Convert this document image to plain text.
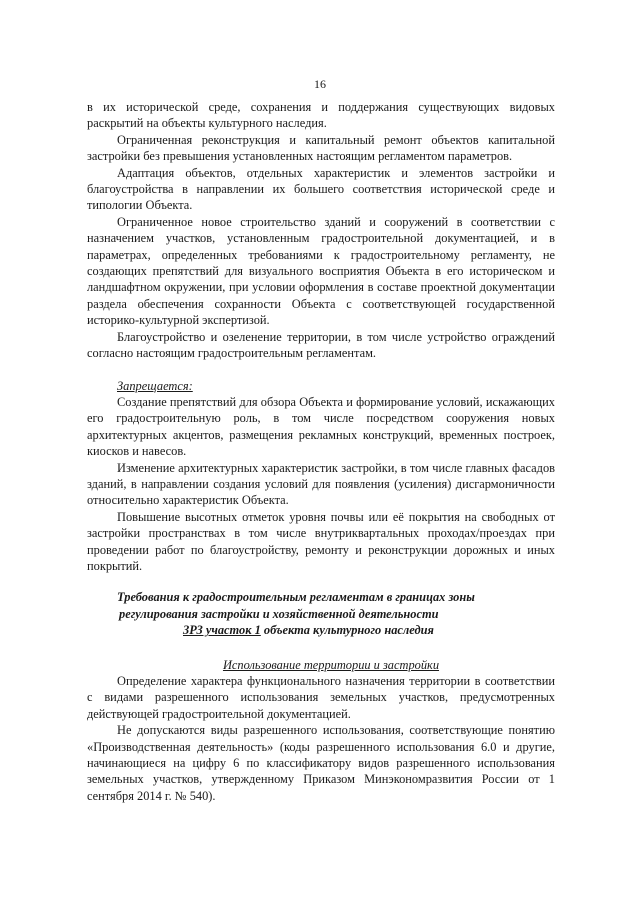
16

в их исторической среде, сохранения и поддержания существующих видовых раскрытий на объекты культурного наследия.

Ограниченная реконструкция и капитальный ремонт объектов капитальной застройки без превышения установленных настоящим регламентом параметров.

Адаптация объектов, отдельных характеристик и элементов застройки и благоустройства в направлении их большего соответствия исторической среде и типологии Объекта.

Ограниченное новое строительство зданий и сооружений в соответствии с назначением участков, установленным градостроительной документацией, и в параметрах, определенных требованиями к градостроительному регламенту, не создающих препятствий для визуального восприятия Объекта в его историческом и ландшафтном окружении, при условии оформления в составе проектной документации раздела обеспечения сохранности Объекта с соответствующей государственной историко-культурной экспертизой.

Благоустройство и озеленение территории, в том числе устройство ограждений согласно настоящим градостроительным регламентам.

Запрещается:

Создание препятствий для обзора Объекта и формирование условий, искажающих его градостроительную роль, в том числе посредством сооружения новых архитектурных акцентов, размещения рекламных конструкций, временных построек, киосков и навесов.

Изменение архитектурных характеристик застройки, в том числе главных фасадов зданий, в направлении создания условий для появления (усиления) дисгармоничности относительно характеристик Объекта.

Повышение высотных отметок уровня почвы или её покрытия на свободных от застройки пространствах в том числе внутриквартальных проходах/проездах при проведении работ по благоустройству, ремонту и реконструкции дорожных и иных покрытий.

Требования к градостроительным регламентам в границах зоны
регулирования застройки и хозяйственной деятельности
ЗРЗ участок 1 объекта культурного наследия
Использование территории и застройки

Определение характера функционального назначения территории в соответствии с видами разрешенного использования земельных участков, предусмотренных действующей градостроительной документацией.

Не допускаются виды разрешенного использования, соответствующие понятию «Производственная деятельность» (коды разрешенного использования 6.0 и другие, начинающиеся на цифру 6 по классификатору видов разрешенного использования земельных участков, утвержденному Приказом Минэкономразвития России от 1 сентября 2014 г. № 540).
